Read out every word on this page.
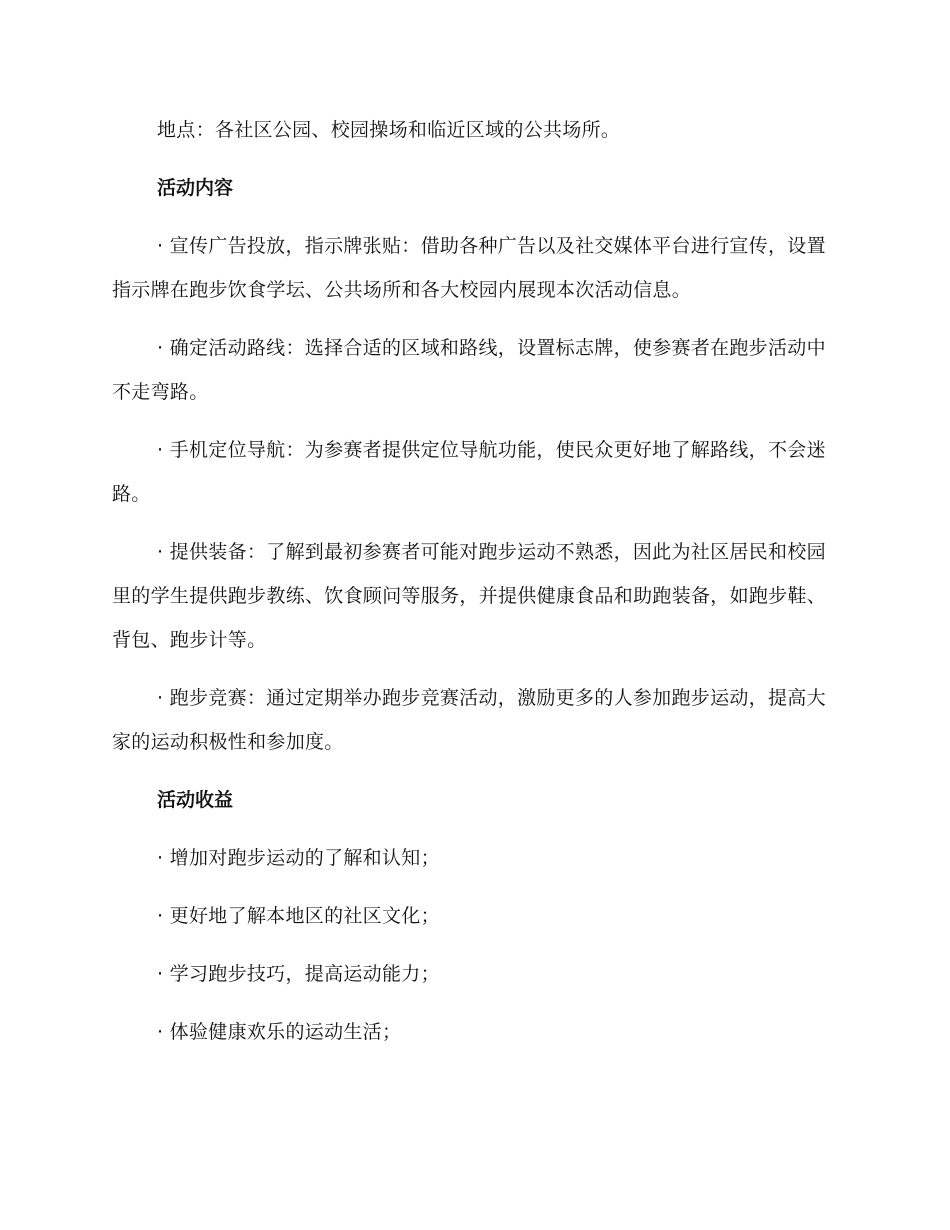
地点：各社区公园、校园操场和临近区域的公共场所。

活动内容

· 宣传广告投放，指示牌张贴：借助各种广告以及社交媒体平台进行宣传，设置指示牌在跑步饮食学坛、公共场所和各大校园内展现本次活动信息。

· 确定活动路线：选择合适的区域和路线，设置标志牌，使参赛者在跑步活动中不走弯路。

· 手机定位导航：为参赛者提供定位导航功能，使民众更好地了解路线，不会迷路。

· 提供装备：了解到最初参赛者可能对跑步运动不熟悉，因此为社区居民和校园里的学生提供跑步教练、饮食顾问等服务，并提供健康食品和助跑装备，如跑步鞋、背包、跑步计等。

· 跑步竞赛：通过定期举办跑步竞赛活动，激励更多的人参加跑步运动，提高大家的运动积极性和参加度。

活动收益
· 增加对跑步运动的了解和认知；
· 更好地了解本地区的社区文化；
· 学习跑步技巧，提高运动能力；
· 体验健康欢乐的运动生活；
